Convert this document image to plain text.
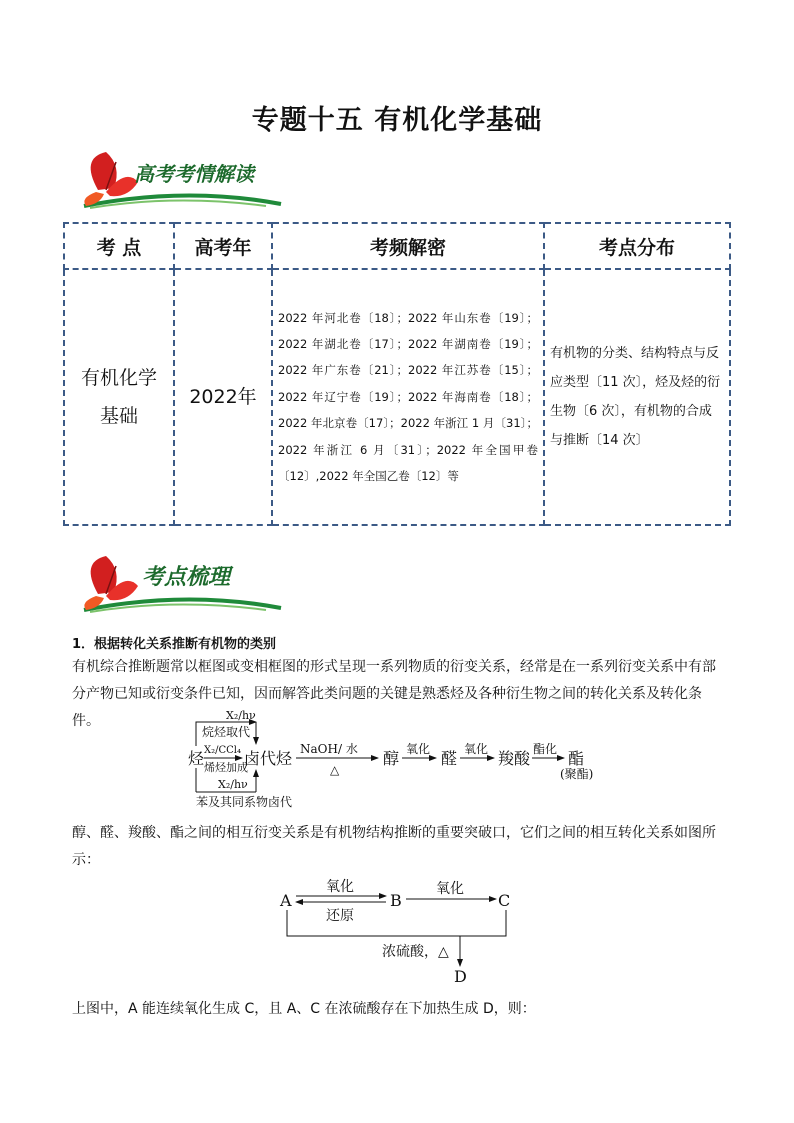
专题十五 有机化学基础
高考考情解读
考 点	高考年	考频解密	考点分布
有机化学基础	2022年	2022 年河北卷〔18〕；2022 年山东卷〔19〕；2022 年湖北卷〔17〕；2022 年湖南卷〔19〕；2022 年广东卷〔21〕；2022 年江苏卷〔15〕；2022 年辽宁卷〔19〕；2022 年海南卷〔18〕；2022 年北京卷〔17〕；2022 年浙江 1 月〔31〕；2022 年浙江 6 月〔31〕；2022 年全国甲卷〔12〕,2022 年全国乙卷〔12〕等	有机物的分类、结构特点与反应类型〔11 次〕，烃及烃的衍生物〔6 次〕，有机物的合成与推断〔14 次〕
考点梳理
1．根据转化关系推断有机物的类别
有机综合推断题常以框图或变相框图的形式呈现一系列物质的衍变关系，经常是在一系列衍变关系中有部分产物已知或衍变条件已知，因而解答此类问题的关键是熟悉烃及各种衍生物之间的转化关系及转化条件。
烃 卤代烃	醇	醛	羧酸 酯
(聚酯)
X₂/hν
烷烃取代
X₂/CCl₄
烯烃加成
X₂/hν
苯及其同系物卤代
NaOH/ 水
△
氧化	氧化	酯化
醇、醛、羧酸、酯之间的相互衍变关系是有机物结构推断的重要突破口，它们之间的相互转化关系如图所示：
A	B	C
D
氧化
还原
氧化
浓硫酸，△
上图中，A 能连续氧化生成 C，且 A、C 在浓硫酸存在下加热生成 D，则：
